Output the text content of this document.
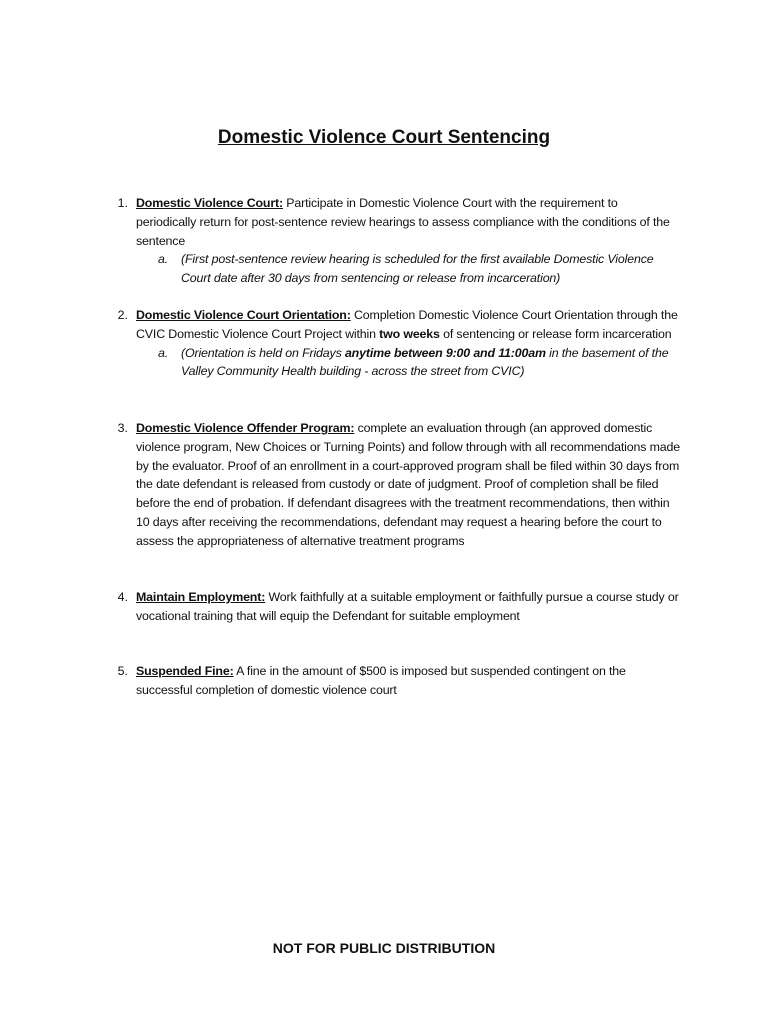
Domestic Violence Court Sentencing
1. Domestic Violence Court: Participate in Domestic Violence Court with the requirement to periodically return for post-sentence review hearings to assess compliance with the conditions of the sentence
a. (First post-sentence review hearing is scheduled for the first available Domestic Violence Court date after 30 days from sentencing or release from incarceration)
2. Domestic Violence Court Orientation: Completion Domestic Violence Court Orientation through the CVIC Domestic Violence Court Project within two weeks of sentencing or release form incarceration
a. (Orientation is held on Fridays anytime between 9:00 and 11:00am in the basement of the Valley Community Health building - across the street from CVIC)
3. Domestic Violence Offender Program: complete an evaluation through (an approved domestic violence program, New Choices or Turning Points) and follow through with all recommendations made by the evaluator. Proof of an enrollment in a court-approved program shall be filed within 30 days from the date defendant is released from custody or date of judgment. Proof of completion shall be filed before the end of probation. If defendant disagrees with the treatment recommendations, then within 10 days after receiving the recommendations, defendant may request a hearing before the court to assess the appropriateness of alternative treatment programs
4. Maintain Employment: Work faithfully at a suitable employment or faithfully pursue a course study or vocational training that will equip the Defendant for suitable employment
5. Suspended Fine: A fine in the amount of $500 is imposed but suspended contingent on the successful completion of domestic violence court

NOT FOR PUBLIC DISTRIBUTION
